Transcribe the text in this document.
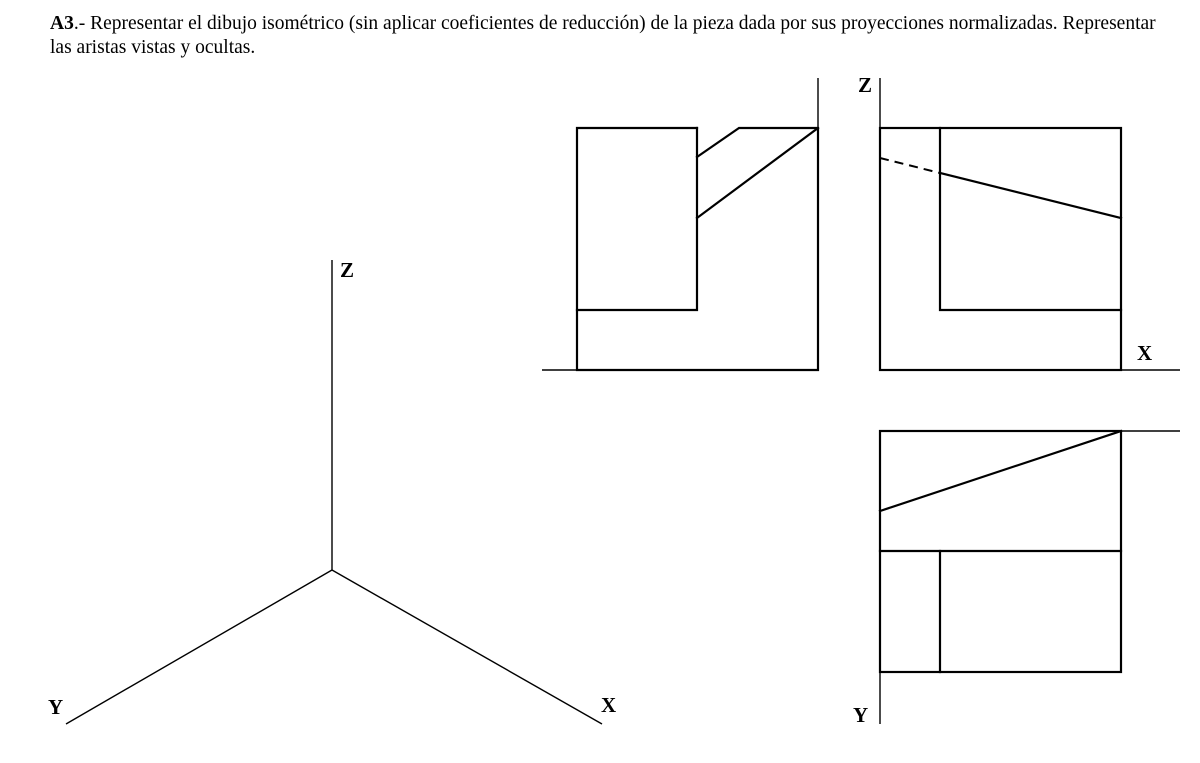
A3.- Representar el dibujo isométrico (sin aplicar coeficientes de reducción) de la pieza dada por sus proyecciones normalizadas. Representar las aristas vistas y ocultas.

Z
Y	X
Z
X
Y
